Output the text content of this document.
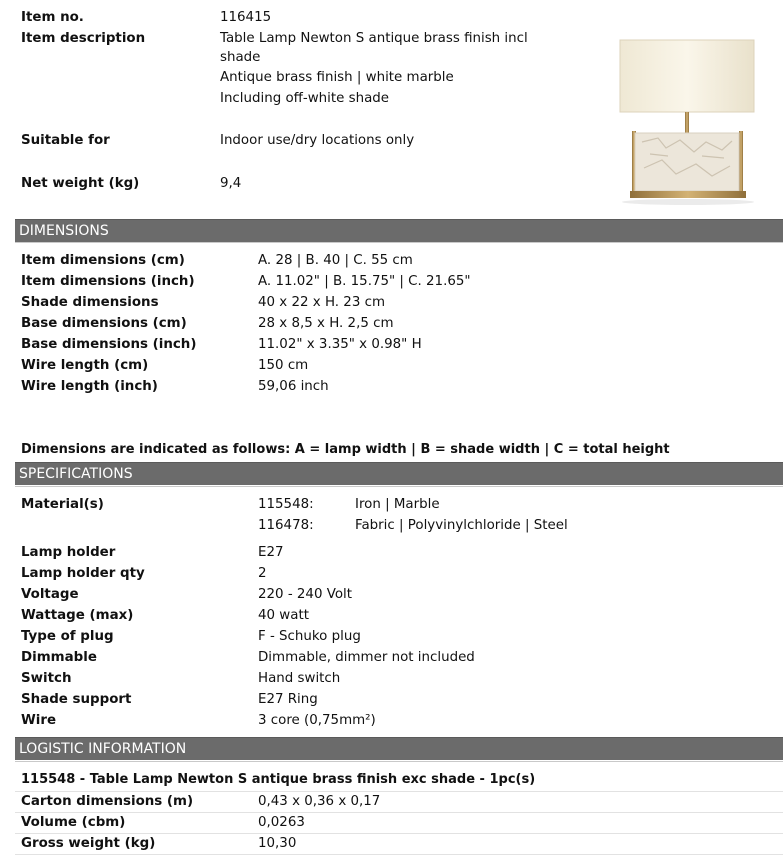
Item no.	116415
Item description	Table Lamp Newton S antique brass finish incl
shade
Antique brass finish | white marble
Including off-white shade
Suitable for	Indoor use/dry locations only
Net weight (kg)	9,4
DIMENSIONS
Item dimensions (cm)	A. 28 | B. 40 | C. 55 cm
Item dimensions (inch)	A. 11.02" | B. 15.75" | C. 21.65"
Shade dimensions	40 x 22 x H. 23 cm
Base dimensions (cm)	28 x 8,5 x H. 2,5 cm
Base dimensions (inch)	11.02" x 3.35" x 0.98" H
Wire length (cm)	150 cm
Wire length (inch)	59,06 inch
Dimensions are indicated as follows: A = lamp width | B = shade width | C = total height
SPECIFICATIONS
Material(s)	115548:	Iron | Marble
116478:	Fabric | Polyvinylchloride | Steel
Lamp holder	E27
Lamp holder qty	2
Voltage	220 - 240 Volt
Wattage (max)	40 watt
Type of plug	F - Schuko plug
Dimmable	Dimmable, dimmer not included
Switch	Hand switch
Shade support	E27 Ring
Wire	3 core (0,75mm²)
LOGISTIC INFORMATION
115548 - Table Lamp Newton S antique brass finish exc shade - 1pc(s)
Carton dimensions (m)	0,43 x 0,36 x 0,17
Volume (cbm)	0,0263
Gross weight (kg)	10,30
